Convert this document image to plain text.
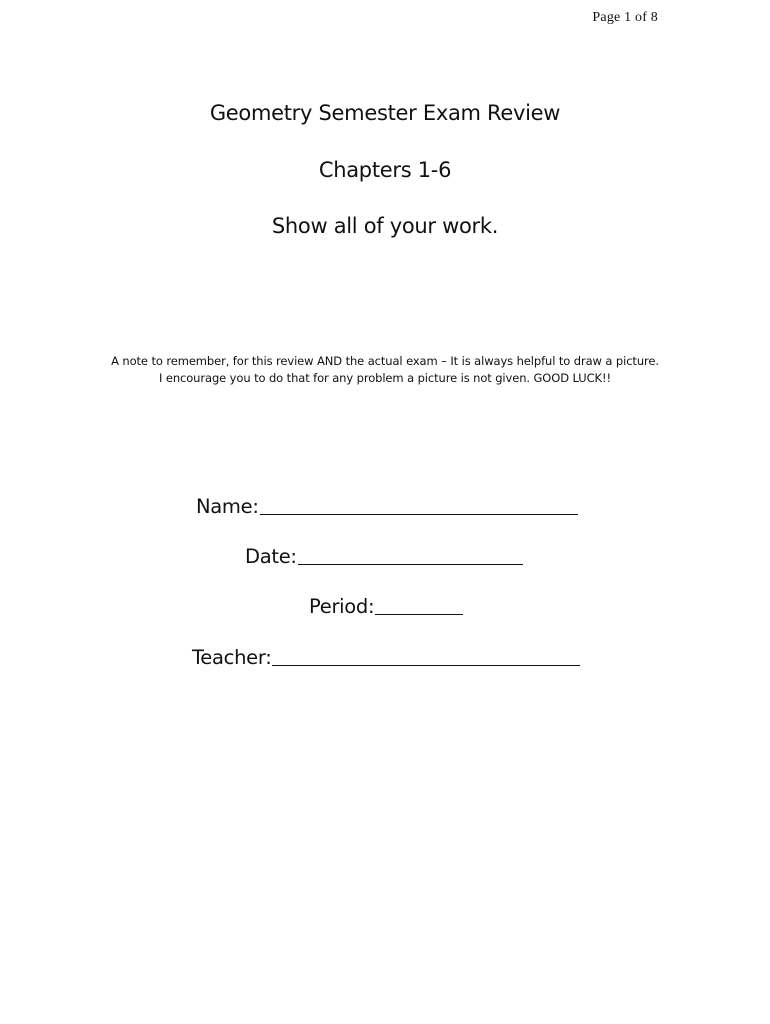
Page 1 of 8
Geometry Semester Exam Review
Chapters 1-6
Show all of your work.
A note to remember, for this review AND the actual exam – It is always helpful to draw a picture.
I encourage you to do that for any problem a picture is not given. GOOD LUCK!!
Name:
Date:
Period:
Teacher:
